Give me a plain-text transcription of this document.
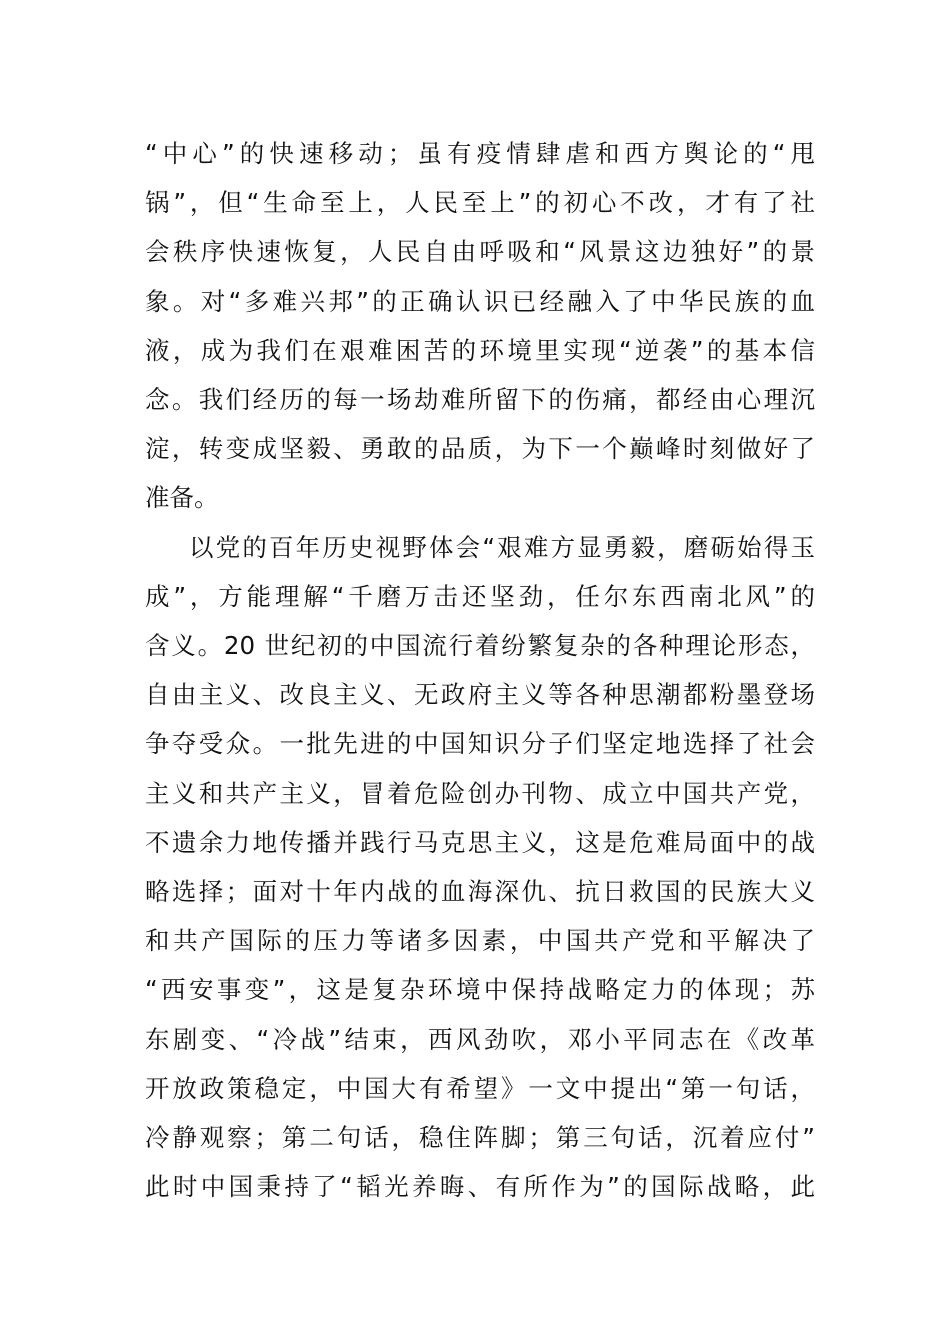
“中心”的快速移动；虽有疫情肆虐和西方舆论的“甩
锅”，但“生命至上，人民至上”的初心不改，才有了社
会秩序快速恢复，人民自由呼吸和“风景这边独好”的景
象。对“多难兴邦”的正确认识已经融入了中华民族的血
液，成为我们在艰难困苦的环境里实现“逆袭”的基本信
念。我们经历的每一场劫难所留下的伤痛，都经由心理沉
淀，转变成坚毅、勇敢的品质，为下一个巅峰时刻做好了
准备。

以党的百年历史视野体会“艰难方显勇毅，磨砺始得玉
成”，方能理解“千磨万击还坚劲，任尔东西南北风”的
含义。20 世纪初的中国流行着纷繁复杂的各种理论形态，
自由主义、改良主义、无政府主义等各种思潮都粉墨登场
争夺受众。一批先进的中国知识分子们坚定地选择了社会
主义和共产主义，冒着危险创办刊物、成立中国共产党，
不遗余力地传播并践行马克思主义，这是危难局面中的战
略选择；面对十年内战的血海深仇、抗日救国的民族大义
和共产国际的压力等诸多因素，中国共产党和平解决了
“西安事变”，这是复杂环境中保持战略定力的体现；苏
东剧变、“冷战”结束，西风劲吹，邓小平同志在《改革
开放政策稳定，中国大有希望》一文中提出“第一句话，
冷静观察；第二句话，稳住阵脚；第三句话，沉着应付”
此时中国秉持了“韬光养晦、有所作为”的国际战略，此
